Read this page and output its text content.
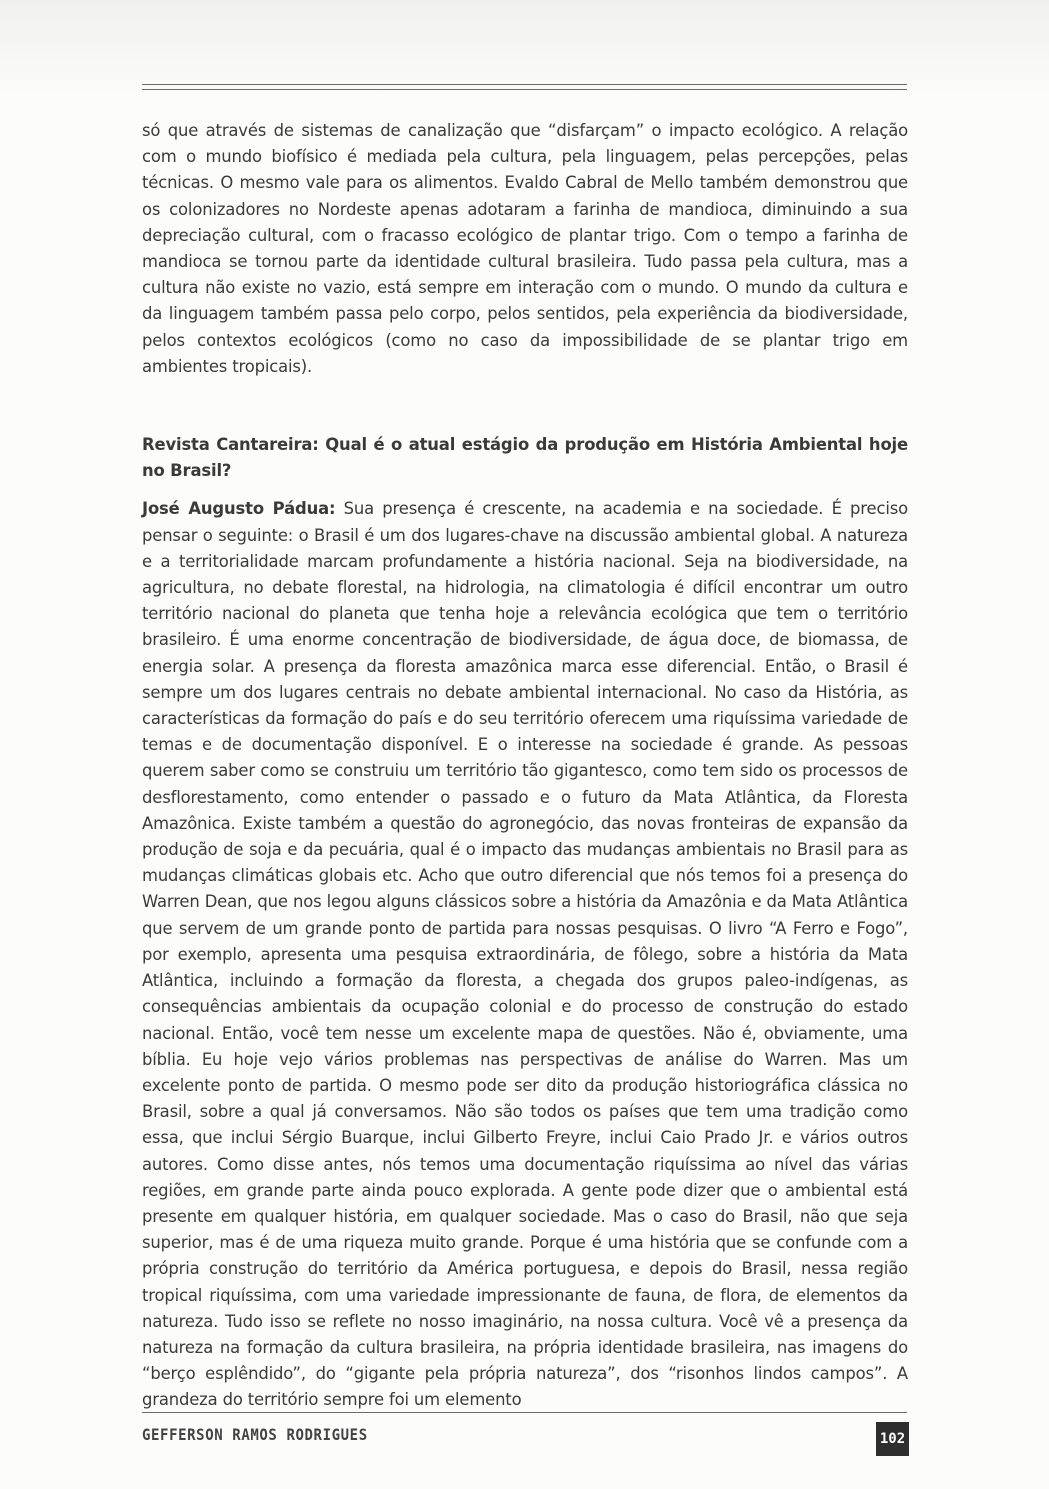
só que através de sistemas de canalização que “disfarçam” o impacto ecológico. A relação com o mundo biofísico é mediada pela cultura, pela linguagem, pelas percepções, pelas técnicas. O mesmo vale para os alimentos. Evaldo Cabral de Mello também demonstrou que os colonizadores no Nordeste apenas adotaram a farinha de mandioca, diminuindo a sua depreciação cultural, com o fracasso ecológico de plantar trigo. Com o tempo a farinha de mandioca se tornou parte da identidade cultural brasileira. Tudo passa pela cultura, mas a cultura não existe no vazio, está sempre em interação com o mundo. O mundo da cultura e da linguagem também passa pelo corpo, pelos sentidos, pela experiência da biodiversidade, pelos contextos ecológicos (como no caso da impossibilidade de se plantar trigo em ambientes tropicais).

Revista Cantareira: Qual é o atual estágio da produção em História Ambiental hoje no Brasil?

José Augusto Pádua: Sua presença é crescente, na academia e na sociedade. É preciso pensar o seguinte: o Brasil é um dos lugares-chave na discussão ambiental global. A natureza e a territorialidade marcam profundamente a história nacional. Seja na biodiversidade, na agricultura, no debate florestal, na hidrologia, na climatologia é difícil encontrar um outro território nacional do planeta que tenha hoje a relevância ecológica que tem o território brasileiro. É uma enorme concentração de biodiversidade, de água doce, de biomassa, de energia solar. A presença da floresta amazônica marca esse diferencial. Então, o Brasil é sempre um dos lugares centrais no debate ambiental internacional. No caso da História, as características da formação do país e do seu território oferecem uma riquíssima variedade de temas e de documentação disponível. E o interesse na sociedade é grande. As pessoas querem saber como se construiu um território tão gigantesco, como tem sido os processos de desflorestamento, como entender o passado e o futuro da Mata Atlântica, da Floresta Amazônica. Existe também a questão do agronegócio, das novas fronteiras de expansão da produção de soja e da pecuária, qual é o impacto das mudanças ambientais no Brasil para as mudanças climáticas globais etc. Acho que outro diferencial que nós temos foi a presença do Warren Dean, que nos legou alguns clássicos sobre a história da Amazônia e da Mata Atlântica que servem de um grande ponto de partida para nossas pesquisas. O livro “A Ferro e Fogo”, por exemplo, apresenta uma pesquisa extraordinária, de fôlego, sobre a história da Mata Atlântica, incluindo a formação da floresta, a chegada dos grupos paleo-indígenas, as consequências ambientais da ocupação colonial e do processo de construção do estado nacional. Então, você tem nesse um excelente mapa de questões. Não é, obviamente, uma bíblia. Eu hoje vejo vários problemas nas perspectivas de análise do Warren. Mas um excelente ponto de partida. O mesmo pode ser dito da produção historiográfica clássica no Brasil, sobre a qual já conversamos. Não são todos os países que tem uma tradição como essa, que inclui Sérgio Buarque, inclui Gilberto Freyre, inclui Caio Prado Jr. e vários outros autores. Como disse antes, nós temos uma documentação riquíssima ao nível das várias regiões, em grande parte ainda pouco explorada. A gente pode dizer que o ambiental está presente em qualquer história, em qualquer sociedade. Mas o caso do Brasil, não que seja superior, mas é de uma riqueza muito grande. Porque é uma história que se confunde com a própria construção do território da América portuguesa, e depois do Brasil, nessa região tropical riquíssima, com uma variedade impressionante de fauna, de flora, de elementos da natureza. Tudo isso se reflete no nosso imaginário, na nossa cultura. Você vê a presença da natureza na formação da cultura brasileira, na própria identidade brasileira, nas imagens do “berço esplêndido”, do “gigante pela própria natureza”, dos “risonhos lindos campos”. A grandeza do território sempre foi um elemento

GEFFERSON RAMOS RODRIGUES	102
